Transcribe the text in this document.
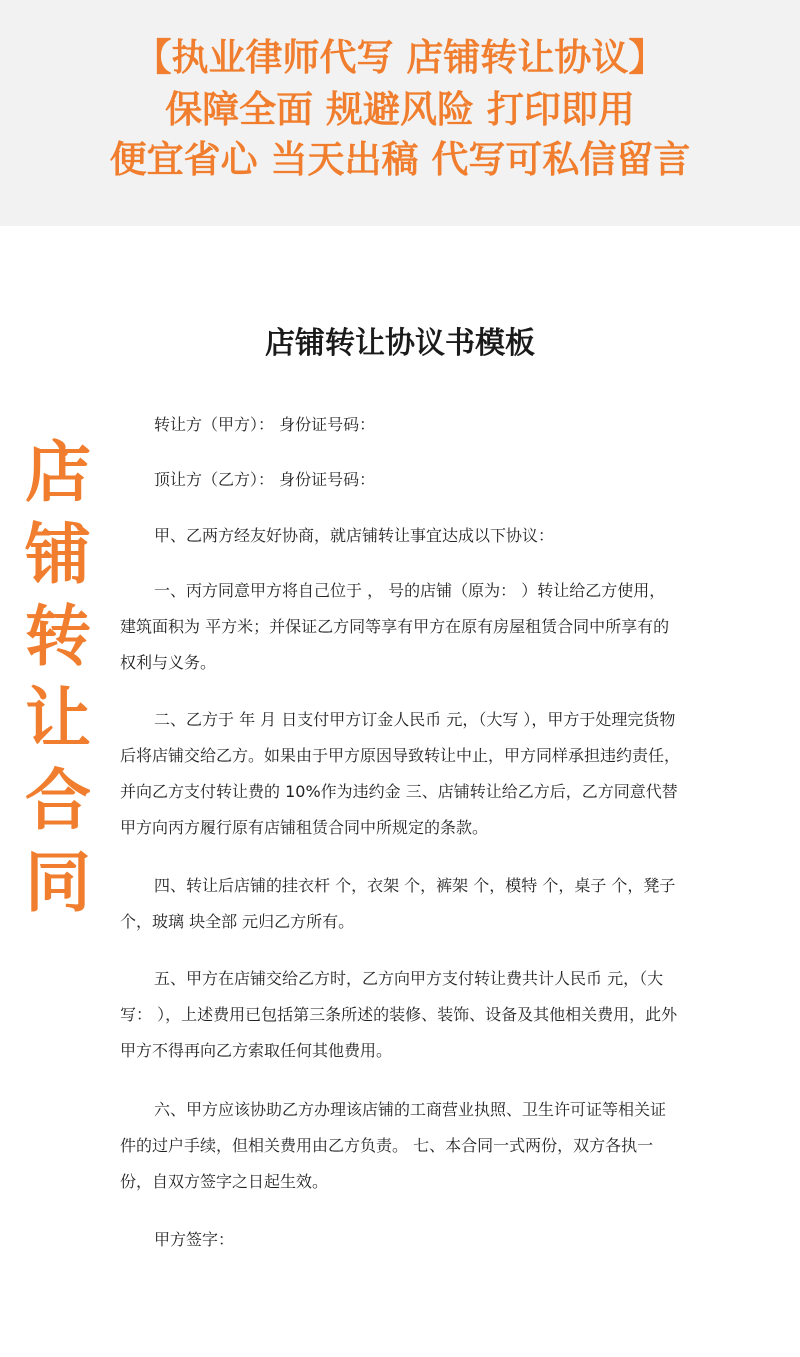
【执业律师代写 店铺转让协议】
保障全面 规避风险 打印即用
便宜省心 当天出稿 代写可私信留言
店
铺
转
让
合
同
店铺转让协议书模板

转让方（甲方）： 身份证号码：

顶让方（乙方）： 身份证号码：

甲、乙两方经友好协商，就店铺转让事宜达成以下协议：

一、丙方同意甲方将自己位于 ， 号的店铺（原为： ）转让给乙方使用，建筑面积为 平方米；并保证乙方同等享有甲方在原有房屋租赁合同中所享有的权利与义务。

二、乙方于 年 月 日支付甲方订金人民币 元，（大写 ），甲方于处理完货物后将店铺交给乙方。如果由于甲方原因导致转让中止，甲方同样承担违约责任，并向乙方支付转让费的 10%作为违约金 三、店铺转让给乙方后，乙方同意代替甲方向丙方履行原有店铺租赁合同中所规定的条款。

四、转让后店铺的挂衣杆 个，衣架 个，裤架 个，模特 个，桌子 个，凳子 个，玻璃 块全部 元归乙方所有。

五、甲方在店铺交给乙方时，乙方向甲方支付转让费共计人民币 元，（大写： ），上述费用已包括第三条所述的装修、装饰、设备及其他相关费用，此外甲方不得再向乙方索取任何其他费用。

六、甲方应该协助乙方办理该店铺的工商营业执照、卫生许可证等相关证件的过户手续，但相关费用由乙方负责。 七、本合同一式两份，双方各执一份，自双方签字之日起生效。

甲方签字：
